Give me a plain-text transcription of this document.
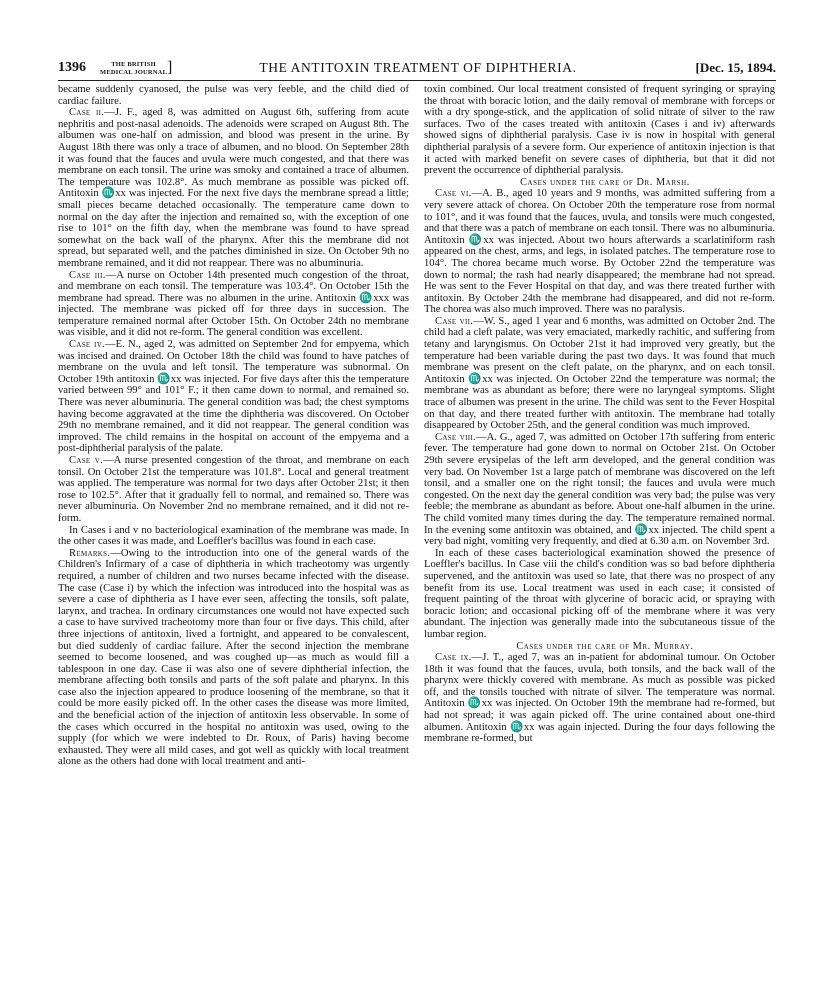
1396	THE BRITISH
MEDICAL JOURNAL ]	THE ANTITOXIN TREATMENT OF DIPHTHERIA.	[Dec. 15, 1894.

became suddenly cyanosed, the pulse was very feeble, and the child died of cardiac failure.

Case ii.—J. F., aged 8, was admitted on August 6th, suffering from acute nephritis and post-nasal adenoids. The adenoids were scraped on August 8th. The albumen was one-half on admission, and blood was present in the urine. By August 18th there was only a trace of albumen, and no blood. On September 28th it was found that the fauces and uvula were much congested, and that there was membrane on each tonsil. The urine was smoky and contained a trace of albumen. The temperature was 102.8°. As much membrane as possible was picked off. Antitoxin ♏xx was injected. For the next five days the membrane spread a little; small pieces became detached occasionally. The temperature came down to normal on the day after the injection and remained so, with the exception of one rise to 101° on the fifth day, when the membrane was found to have spread somewhat on the back wall of the pharynx. After this the membrane did not spread, but separated well, and the patches diminished in size. On October 9th no membrane remained, and it did not reappear. There was no albuminuria.

Case iii.—A nurse on October 14th presented much congestion of the throat, and membrane on each tonsil. The temperature was 103.4°. On October 15th the membrane had spread. There was no albumen in the urine. Antitoxin ♏xxx was injected. The membrane was picked off for three days in succession. The temperature remained normal after October 15th. On October 24th no membrane was visible, and it did not re-form. The general condition was excellent.

Case iv.—E. N., aged 2, was admitted on September 2nd for empyema, which was incised and drained. On October 18th the child was found to have patches of membrane on the uvula and left tonsil. The temperature was subnormal. On October 19th antitoxin ♏xx was injected. For five days after this the temperature varied between 99° and 101° F.; it then came down to normal, and remained so. There was never albuminuria. The general condition was bad; the chest symptoms having become aggravated at the time the diphtheria was discovered. On October 29th no membrane remained, and it did not reappear. The general condition was improved. The child remains in the hospital on account of the empyema and a post-diphtherial paralysis of the palate.

Case v.—A nurse presented congestion of the throat, and membrane on each tonsil. On October 21st the temperature was 101.8°. Local and general treatment was applied. The temperature was normal for two days after October 21st; it then rose to 102.5°. After that it gradually fell to normal, and remained so. There was never albuminuria. On November 2nd no membrane remained, and it did not re-form.

In Cases i and v no bacteriological examination of the membrane was made. In the other cases it was made, and Loeffler's bacillus was found in each case.

Remarks.—Owing to the introduction into one of the general wards of the Children's Infirmary of a case of diphtheria in which tracheotomy was urgently required, a number of children and two nurses became infected with the disease. The case (Case i) by which the infection was introduced into the hospital was as severe a case of diphtheria as I have ever seen, affecting the tonsils, soft palate, larynx, and trachea. In ordinary circumstances one would not have expected such a case to have survived tracheotomy more than four or five days. This child, after three injections of antitoxin, lived a fortnight, and appeared to be convalescent, but died suddenly of cardiac failure. After the second injection the membrane seemed to become loosened, and was coughed up—as much as would fill a tablespoon in one day. Case ii was also one of severe diphtherial infection, the membrane affecting both tonsils and parts of the soft palate and pharynx. In this case also the injection appeared to produce loosening of the membrane, so that it could be more easily picked off. In the other cases the disease was more limited, and the beneficial action of the injection of antitoxin less observable. In some of the cases which occurred in the hospital no antitoxin was used, owing to the supply (for which we were indebted to Dr. Roux, of Paris) having become exhausted. They were all mild cases, and got well as quickly with local treatment alone as the others had done with local treatment and anti-

toxin combined. Our local treatment consisted of frequent syringing or spraying the throat with boracic lotion, and the daily removal of membrane with forceps or with a dry sponge-stick, and the application of solid nitrate of silver to the raw surfaces. Two of the cases treated with antitoxin (Cases i and iv) afterwards showed signs of diphtherial paralysis. Case iv is now in hospital with general diphtherial paralysis of a severe form. Our experience of antitoxin injection is that it acted with marked benefit on severe cases of diphtheria, but that it did not prevent the occurrence of diphtherial paralysis.

Cases under the care of Dr. Marsh.

Case vi.—A. B., aged 10 years and 9 months, was admitted suffering from a very severe attack of chorea. On October 20th the temperature rose from normal to 101°, and it was found that the fauces, uvula, and tonsils were much congested, and that there was a patch of membrane on each tonsil. There was no albuminuria. Antitoxin ♏xx was injected. About two hours afterwards a scarlatiniform rash appeared on the chest, arms, and legs, in isolated patches. The temperature rose to 104°. The chorea became much worse. By October 22nd the temperature was down to normal; the rash had nearly disappeared; the membrane had not spread. He was sent to the Fever Hospital on that day, and was there treated further with antitoxin. By October 24th the membrane had disappeared, and did not re-form. The chorea was also much improved. There was no paralysis.

Case vii.—W. S., aged 1 year and 6 months, was admitted on October 2nd. The child had a cleft palate, was very emaciated, markedly rachitic, and suffering from tetany and laryngismus. On October 21st it had improved very greatly, but the temperature had been variable during the past two days. It was found that much membrane was present on the cleft palate, on the pharynx, and on each tonsil. Antitoxin ♏xx was injected. On October 22nd the temperature was normal; the membrane was as abundant as before; there were no laryngeal symptoms. Slight trace of albumen was present in the urine. The child was sent to the Fever Hospital on that day, and there treated further with antitoxin. The membrane had totally disappeared by October 25th, and the general condition was much improved.

Case viii.—A. G., aged 7, was admitted on October 17th suffering from enteric fever. The temperature had gone down to normal on October 21st. On October 29th severe erysipelas of the left arm developed, and the general condition was very bad. On November 1st a large patch of membrane was discovered on the left tonsil, and a smaller one on the right tonsil; the fauces and uvula were much congested. On the next day the general condition was very bad; the pulse was very feeble; the membrane as abundant as before. About one-half albumen in the urine. The child vomited many times during the day. The temperature remained normal. In the evening some antitoxin was obtained, and ♏xx injected. The child spent a very bad night, vomiting very frequently, and died at 6.30 a.m. on November 3rd.

In each of these cases bacteriological examination showed the presence of Loeffler's bacillus. In Case viii the child's condition was so bad before diphtheria supervened, and the antitoxin was used so late, that there was no prospect of any benefit from its use. Local treatment was used in each case; it consisted of frequent painting of the throat with glycerine of boracic acid, or spraying with boracic lotion; and occasional picking off of the membrane where it was very abundant. The injection was generally made into the subcutaneous tissue of the lumbar region.

Cases under the care of Mr. Murray.

Case ix.—J. T., aged 7, was an in-patient for abdominal tumour. On October 18th it was found that the fauces, uvula, both tonsils, and the back wall of the pharynx were thickly covered with membrane. As much as possible was picked off, and the tonsils touched with nitrate of silver. The temperature was normal. Antitoxin ♏xx was injected. On October 19th the membrane had re-formed, but had not spread; it was again picked off. The urine contained about one-third albumen. Antitoxin ♏xx was again injected. During the four days following the membrane re-formed, but
